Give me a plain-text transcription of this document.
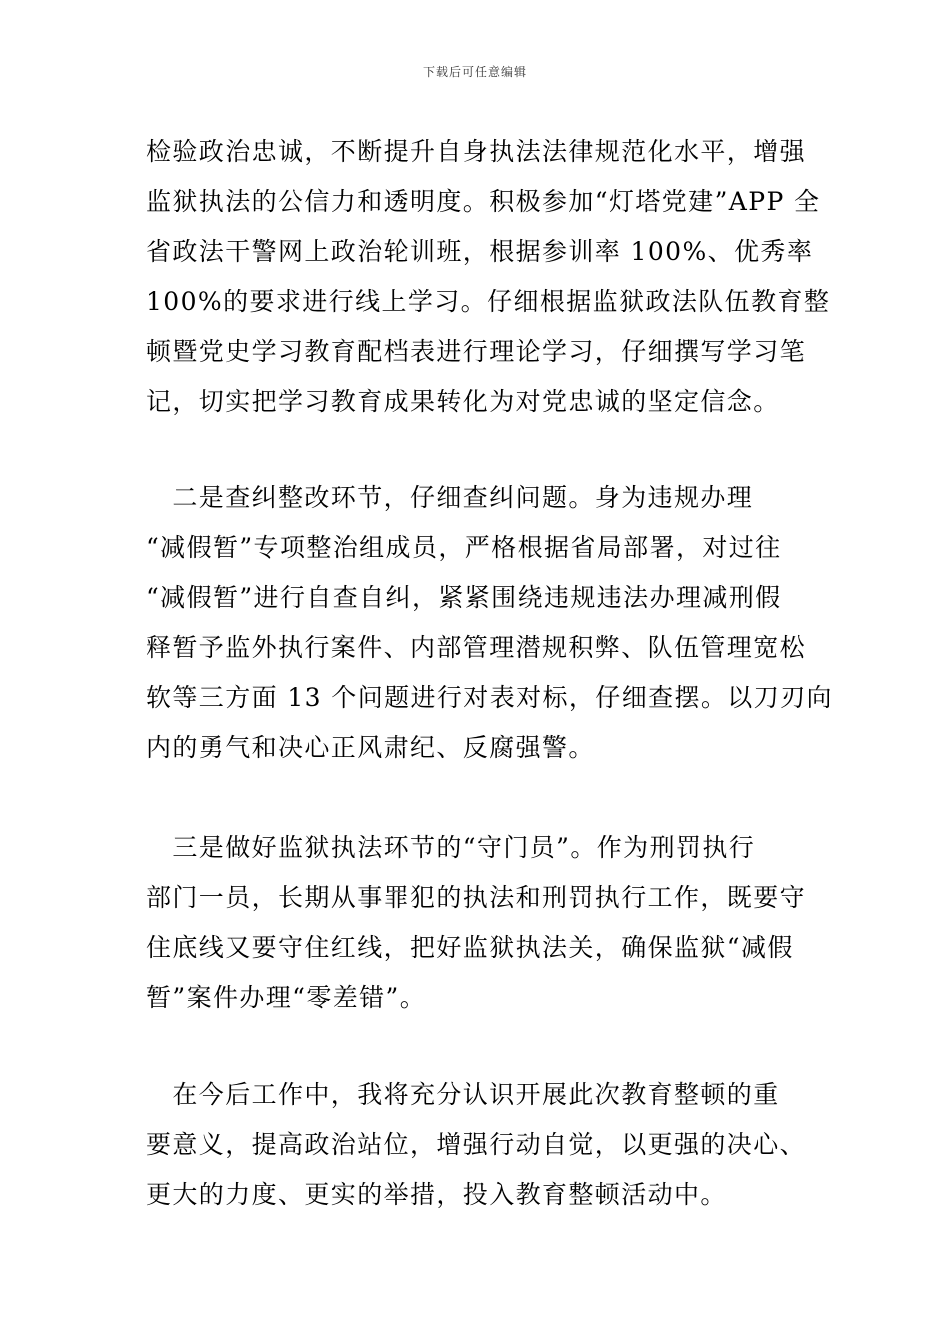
下载后可任意编辑
检验政治忠诚，不断提升自身执法法律规范化水平，增强
监狱执法的公信力和透明度。积极参加“灯塔党建”APP 全
省政法干警网上政治轮训班，根据参训率 100%、优秀率
100%的要求进行线上学习。仔细根据监狱政法队伍教育整
顿暨党史学习教育配档表进行理论学习，仔细撰写学习笔
记，切实把学习教育成果转化为对党忠诚的坚定信念。
　二是查纠整改环节，仔细查纠问题。身为违规办理
“减假暂”专项整治组成员，严格根据省局部署，对过往
“减假暂”进行自查自纠，紧紧围绕违规违法办理减刑假
释暂予监外执行案件、内部管理潜规积弊、队伍管理宽松
软等三方面 13 个问题进行对表对标，仔细查摆。以刀刃向
内的勇气和决心正风肃纪、反腐强警。
　三是做好监狱执法环节的“守门员”。作为刑罚执行
部门一员，长期从事罪犯的执法和刑罚执行工作，既要守
住底线又要守住红线，把好监狱执法关，确保监狱“减假
暂”案件办理“零差错”。
　在今后工作中，我将充分认识开展此次教育整顿的重
要意义，提高政治站位，增强行动自觉，以更强的决心、
更大的力度、更实的举措，投入教育整顿活动中。
